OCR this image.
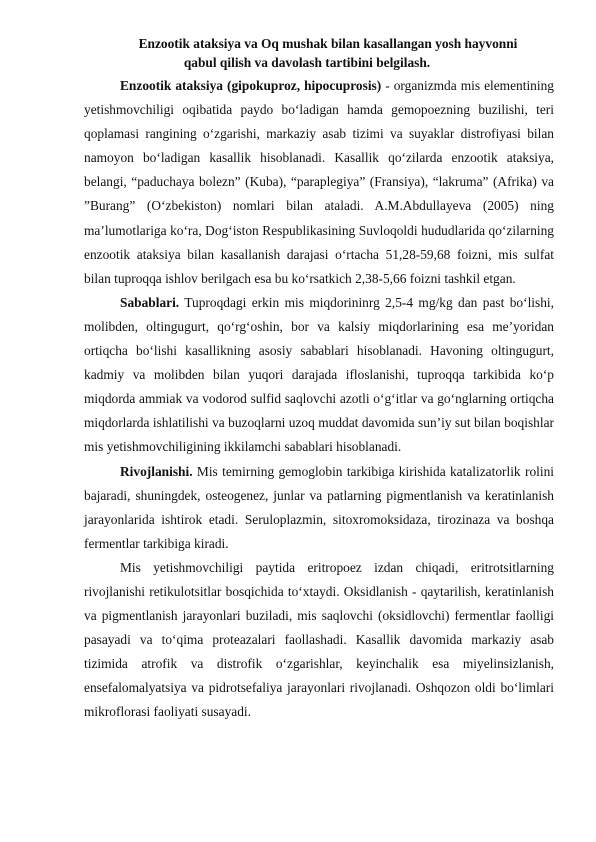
Enzootik ataksiya va Oq mushak bilan kasallangan yosh hayvonni
qabul qilish va davolash tartibini belgilash.

Enzootik ataksiya (gipokuproz, hipocuprosis) - organizmda mis elementining yetishmovchiligi oqibatida paydo bo‘ladigan hamda gemopoezning buzilishi, teri qoplamasi rangining o‘zgarishi, markaziy asab tizimi va suyaklar distrofiyasi bilan namoyon bo‘ladigan kasallik hisoblanadi. Kasallik qo‘zilarda enzootik ataksiya, belangi, “paduchaya bolezn” (Kuba), “paraplegiya” (Fransiya), “lakruma” (Afrika) va ”Burang” (O‘zbekiston) nomlari bilan ataladi. A.M.Abdullayeva (2005) ning ma’lumotlariga ko‘ra, Dog‘iston Respublikasining Suvloqoldi hududlarida qo‘zilarning enzootik ataksiya bilan kasallanish darajasi o‘rtacha 51,28-59,68 foizni, mis sulfat bilan tuproqqa ishlov berilgach esa bu ko‘rsatkich 2,38-5,66 foizni tashkil etgan.

Sabablari. Tuproqdagi erkin mis miqdorininrg 2,5-4 mg/kg dan past bo‘lishi, molibden, oltingugurt, qo‘rg‘oshin, bor va kalsiy miqdorlarining esa me’yoridan ortiqcha bo‘lishi kasallikning asosiy sabablari hisoblanadi. Havoning oltingugurt, kadmiy va molibden bilan yuqori darajada ifloslanishi, tuproqqa tarkibida ko‘p miqdorda ammiak va vodorod sulfid saqlovchi azotli o‘g‘itlar va go‘nglarning ortiqcha miqdorlarda ishlatilishi va buzoqlarni uzoq muddat davomida sun’iy sut bilan boqishlar mis yetishmovchiligining ikkilamchi sabablari hisoblanadi.

Rivojlanishi. Mis temirning gemoglobin tarkibiga kirishida katalizatorlik rolini bajaradi, shuningdek, osteogenez, junlar va patlarning pigmentlanish va keratinlanish jarayonlarida ishtirok etadi. Seruloplazmin, sitoxromoksidaza, tirozinaza va boshqa fermentlar tarkibiga kiradi.

Mis yetishmovchiligi paytida eritropoez izdan chiqadi, eritrotsitlarning rivojlanishi retikulotsitlar bosqichida to‘xtaydi. Oksidlanish - qaytarilish, keratinlanish va pigmentlanish jarayonlari buziladi, mis saqlovchi (oksidlovchi) fermentlar faolligi pasayadi va to‘qima proteazalari faollashadi. Kasallik davomida markaziy asab tizimida atrofik va distrofik o‘zgarishlar, keyinchalik esa miyelinsizlanish, ensefalomalyatsiya va pidrotsefaliya jarayonlari rivojlanadi. Oshqozon oldi bo‘limlari mikroflorasi faoliyati susayadi.
